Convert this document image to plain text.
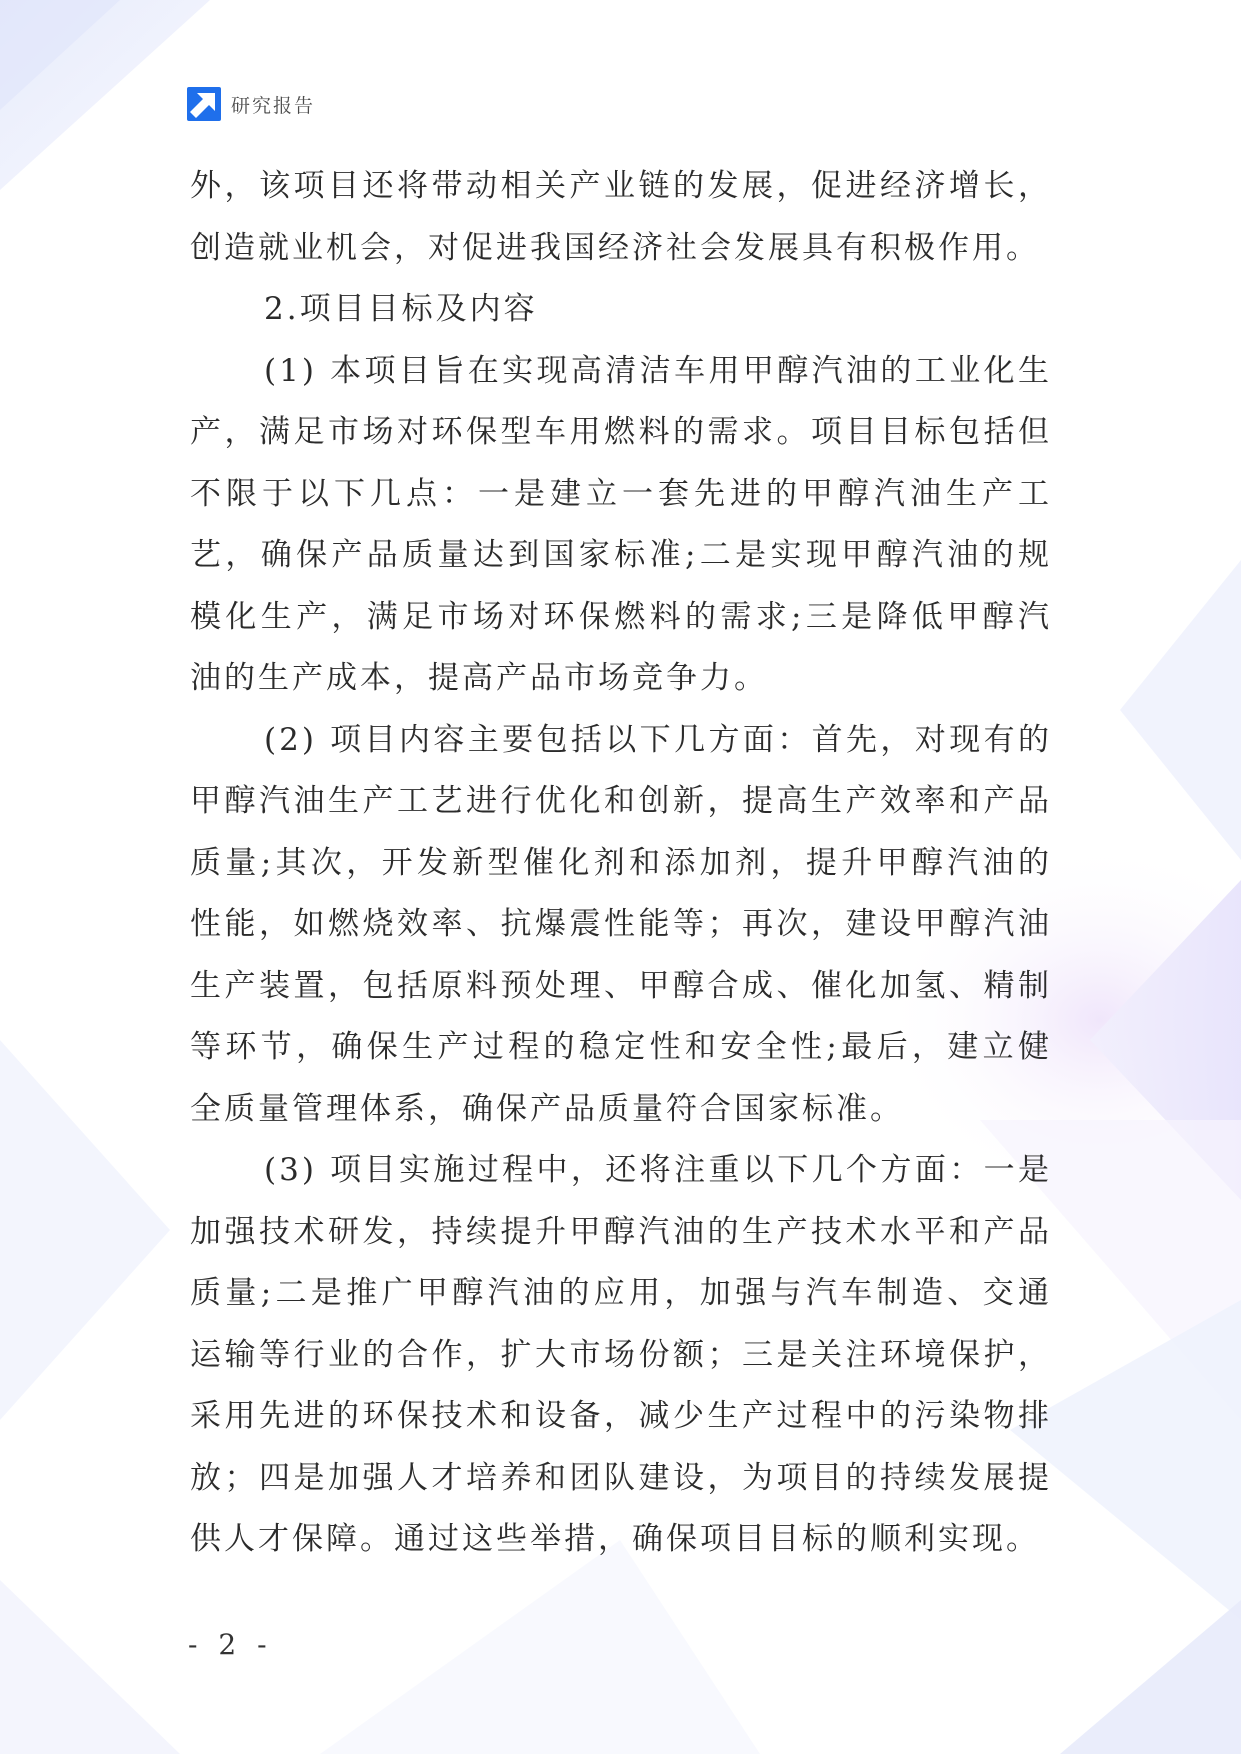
研究报告

外，该项目还将带动相关产业链的发展，促进经济增长，创造就业机会，对促进我国经济社会发展具有积极作用。

2.项目目标及内容

(1) 本项目旨在实现高清洁车用甲醇汽油的工业化生产，满足市场对环保型车用燃料的需求。项目目标包括但不限于以下几点：一是建立一套先进的甲醇汽油生产工艺，确保产品质量达到国家标准;二是实现甲醇汽油的规模化生产，满足市场对环保燃料的需求;三是降低甲醇汽油的生产成本，提高产品市场竞争力。

(2) 项目内容主要包括以下几方面：首先，对现有的甲醇汽油生产工艺进行优化和创新，提高生产效率和产品质量;其次，开发新型催化剂和添加剂，提升甲醇汽油的性能，如燃烧效率、抗爆震性能等；再次，建设甲醇汽油生产装置，包括原料预处理、甲醇合成、催化加氢、精制等环节，确保生产过程的稳定性和安全性;最后，建立健全质量管理体系，确保产品质量符合国家标准。

(3) 项目实施过程中，还将注重以下几个方面：一是加强技术研发，持续提升甲醇汽油的生产技术水平和产品质量;二是推广甲醇汽油的应用，加强与汽车制造、交通运输等行业的合作，扩大市场份额；三是关注环境保护，采用先进的环保技术和设备，减少生产过程中的污染物排放；四是加强人才培养和团队建设，为项目的持续发展提供人才保障。通过这些举措，确保项目目标的顺利实现。

- 2 -
